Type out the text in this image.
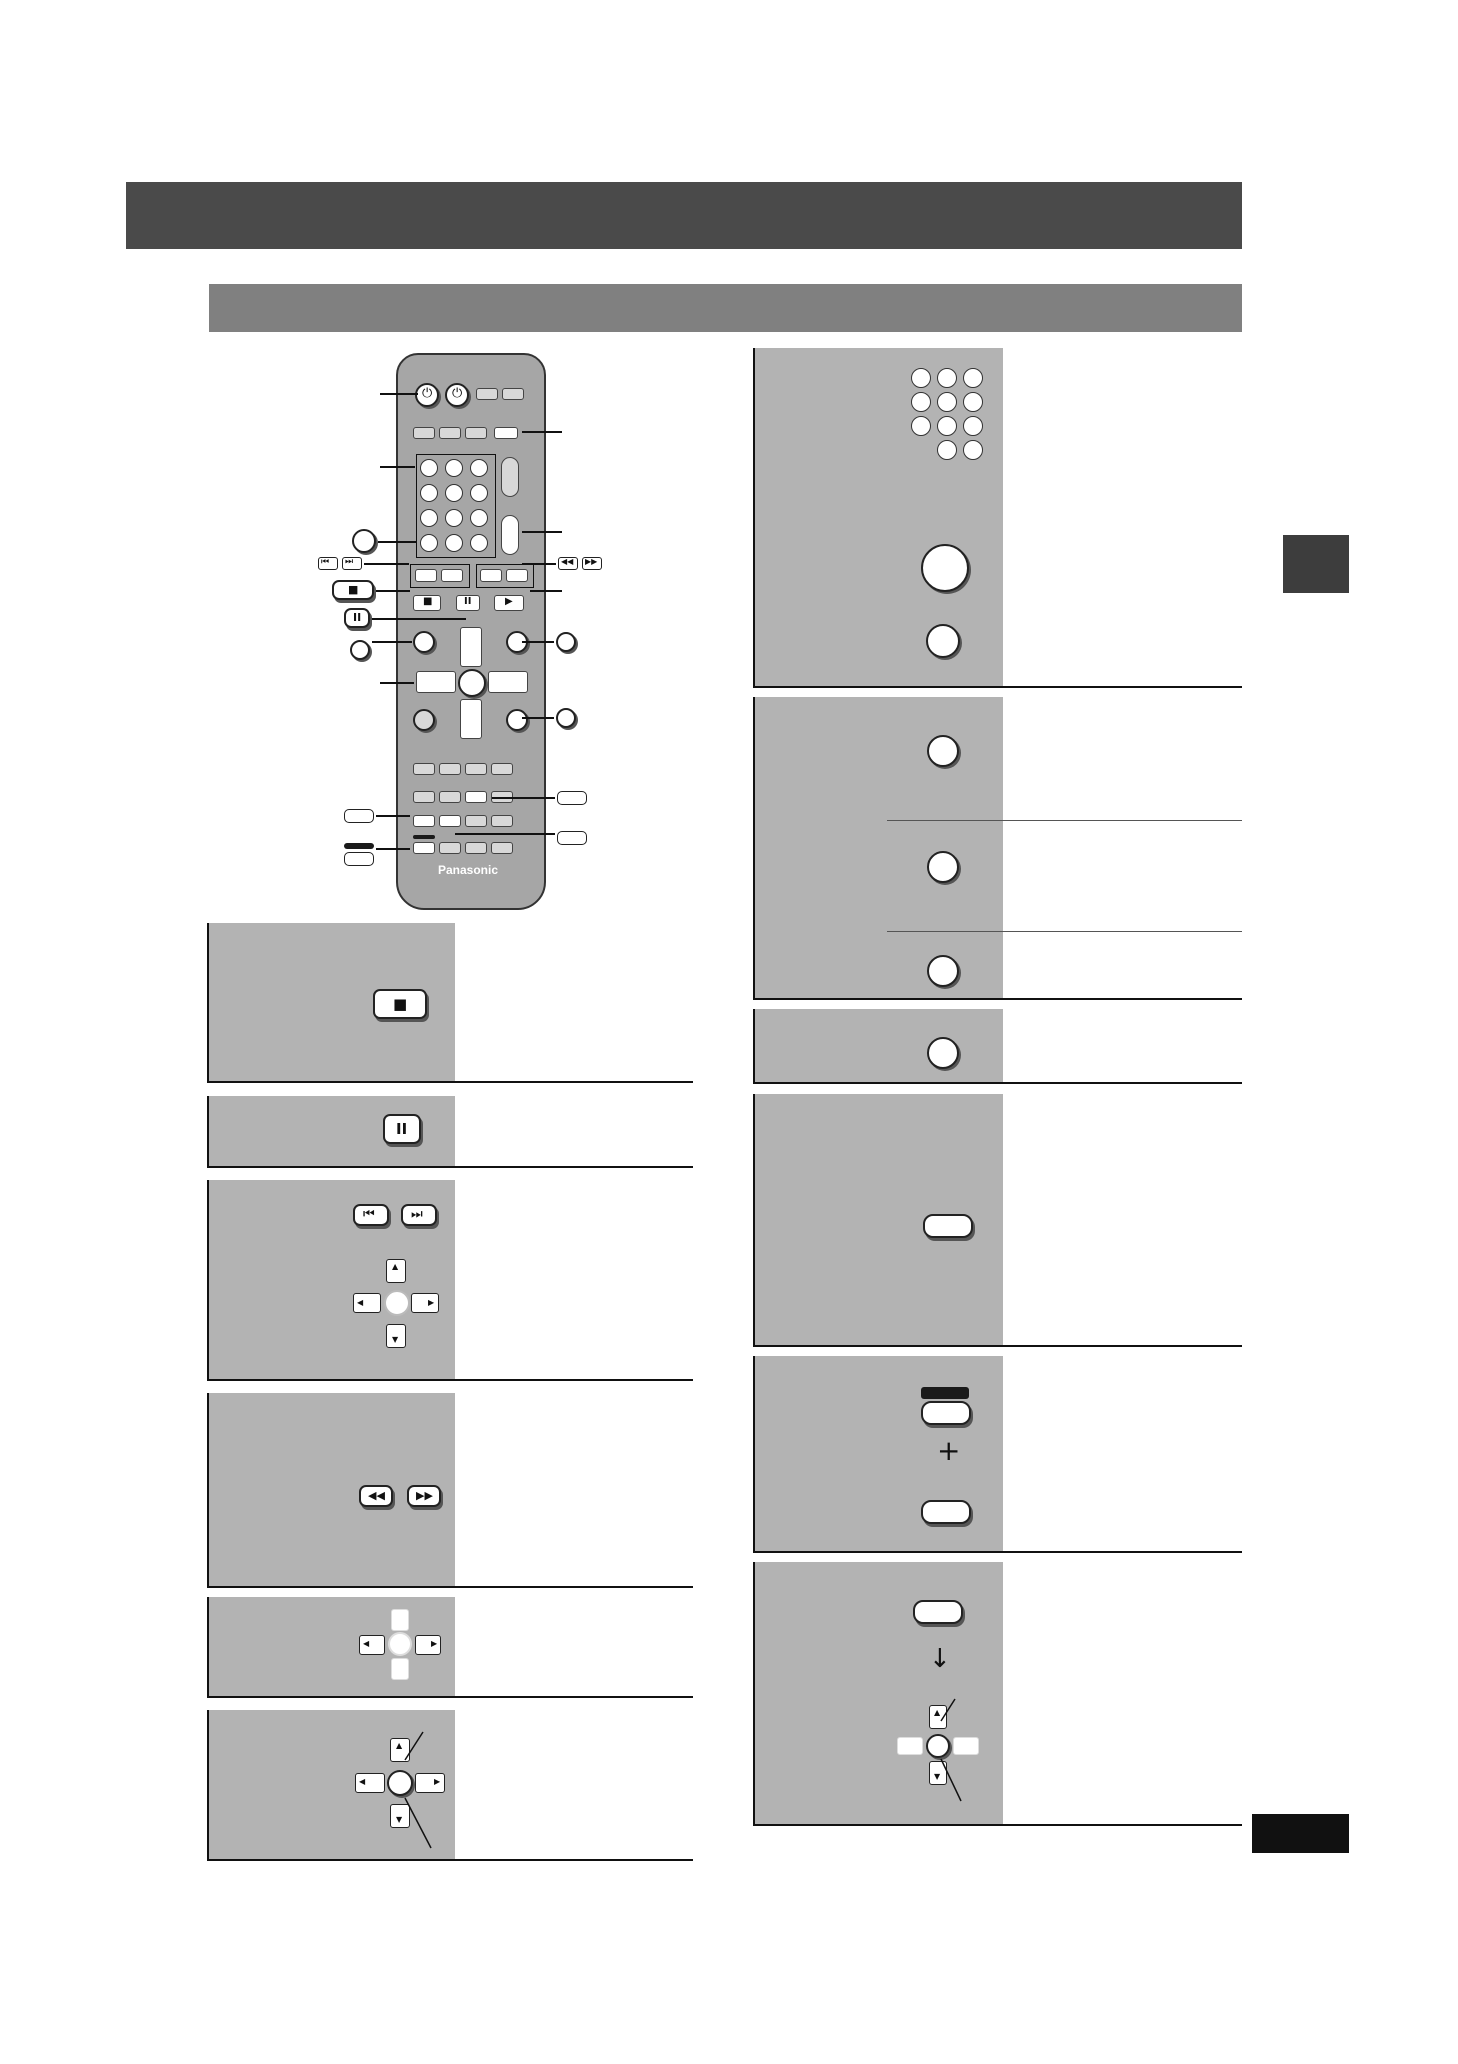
⏻ ⏻
■	II	▶
Panasonic
⏮ ⏭	◀◀ ▶▶
■
II
■
II
⏮	⏭
▲
▼
◀	▶
◀◀	▶▶
◀	▶
▲
▼
◀	▶
+
↓
▲
▼
